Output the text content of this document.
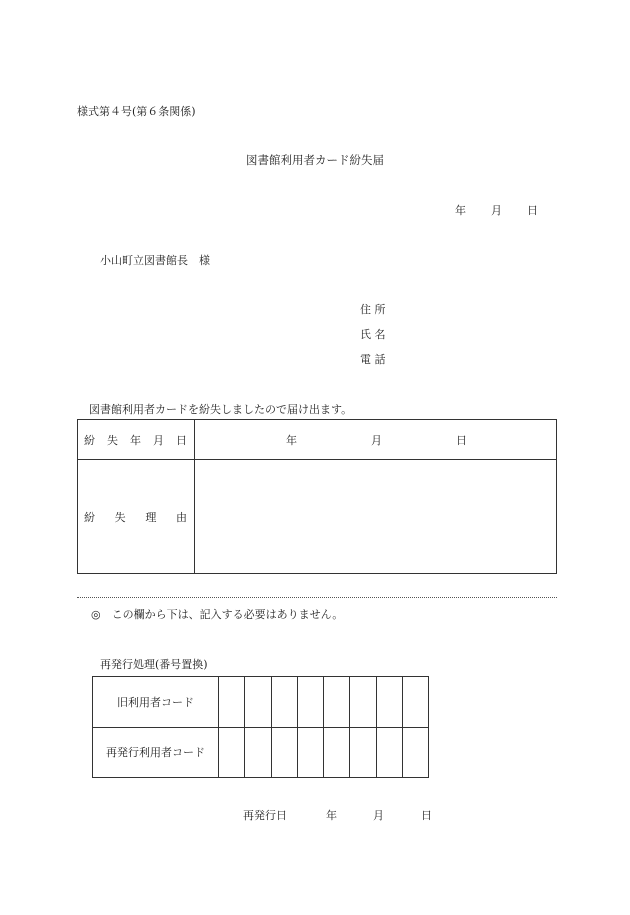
様式第４号(第６条関係)
図書館利用者カード紛失届
年 月 日
小山町立図書館長　様
住 所
氏 名
電 話
図書館利用者カードを紛失しましたので届け出ます。
紛 失 年 月 日	年 月 日

紛 失 理 由	

◎　この欄から下は、記入する必要はありません。
再発行処理(番号置換)
旧利用者コード								
再発行利用者コード								
再発行日	年	月	日
